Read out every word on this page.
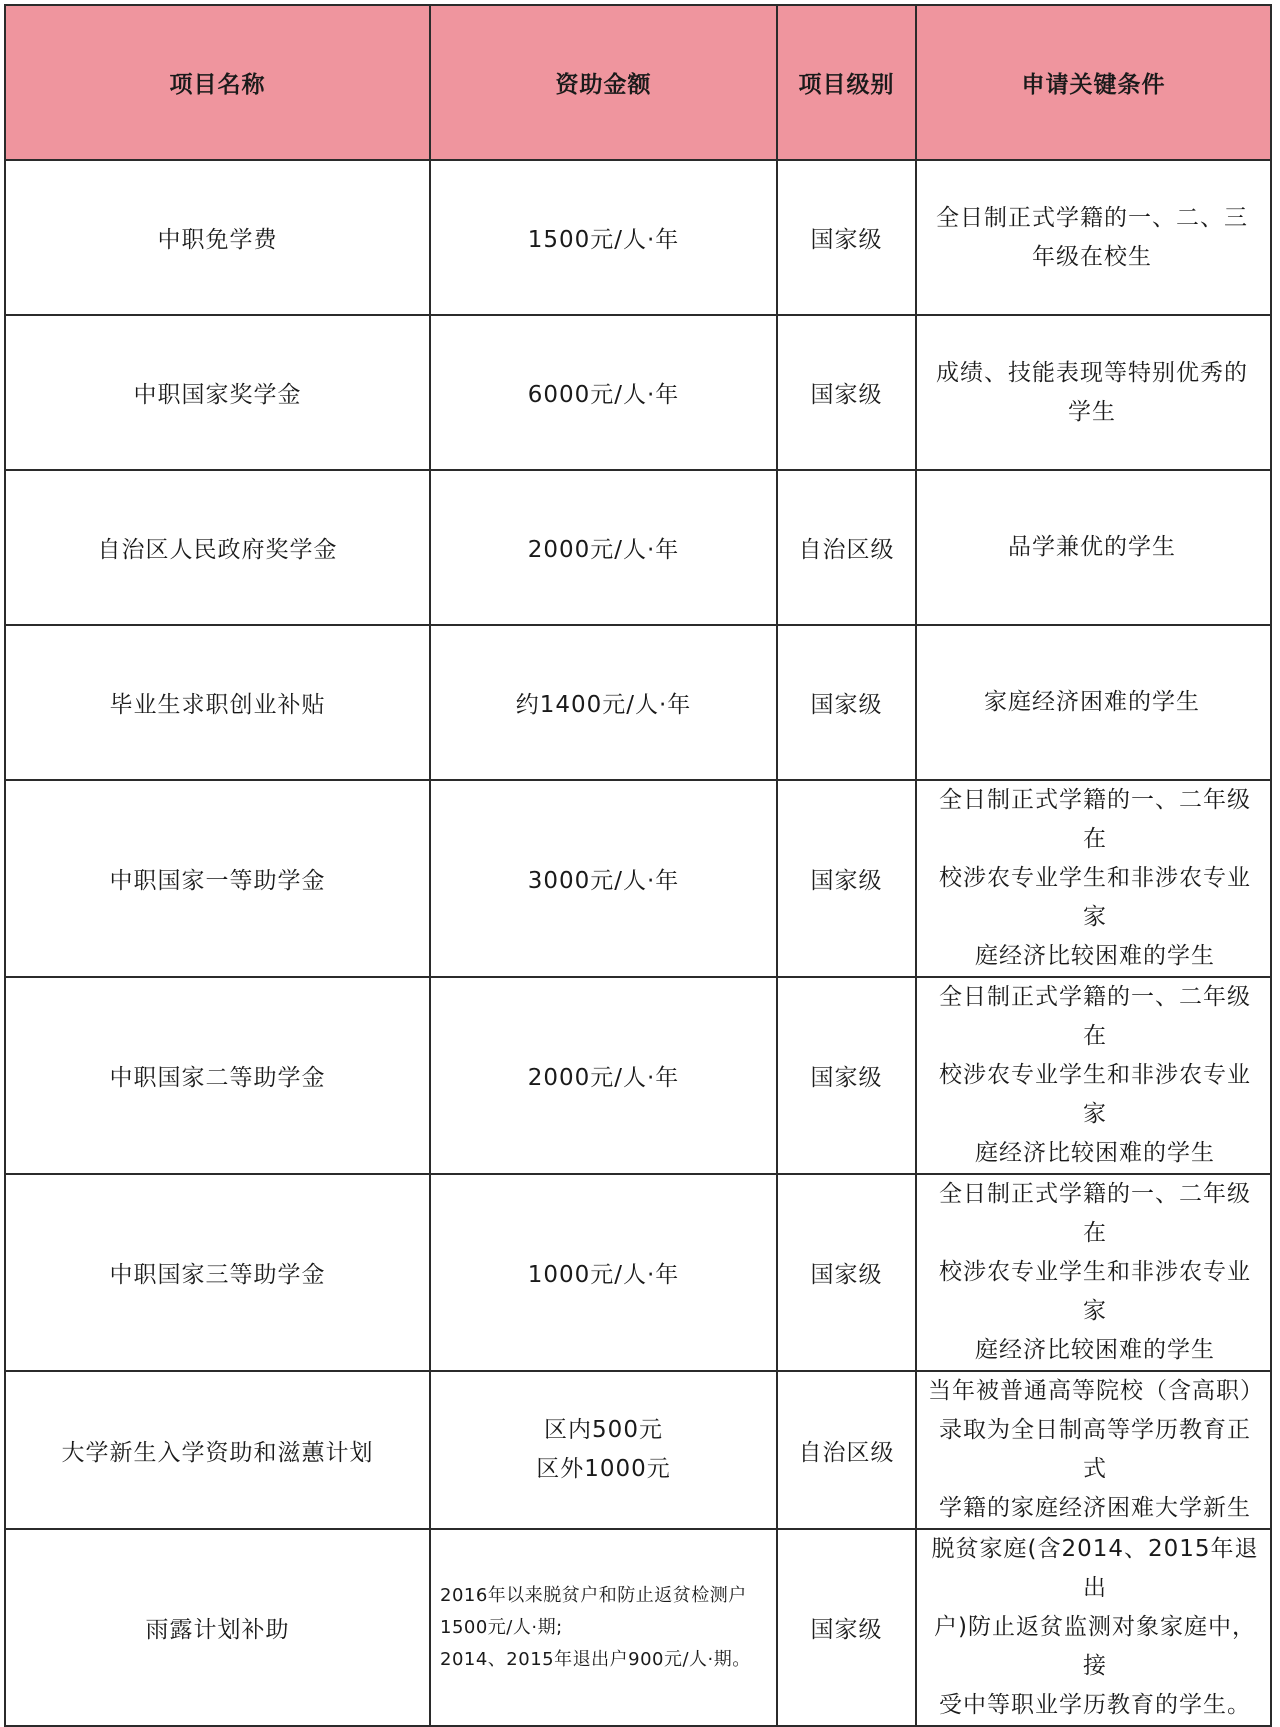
项目名称	资助金额	项目级别	申请关键条件
中职免学费	1500元/人·年	国家级	全日制正式学籍的一、二、三
年级在校生

中职国家奖学金	6000元/人·年	国家级	成绩、技能表现等特别优秀的
学生

自治区人民政府奖学金	2000元/人·年	自治区级	品学兼优的学生

毕业生求职创业补贴	约1400元/人·年	国家级	家庭经济困难的学生

中职国家一等助学金	3000元/人·年	国家级	全日制正式学籍的一、二年级在
校涉农专业学生和非涉农专业家
庭经济比较困难的学生

中职国家二等助学金	2000元/人·年	国家级	全日制正式学籍的一、二年级在
校涉农专业学生和非涉农专业家
庭经济比较困难的学生

中职国家三等助学金	1000元/人·年	国家级	全日制正式学籍的一、二年级在
校涉农专业学生和非涉农专业家
庭经济比较困难的学生

大学新生入学资助和滋蕙计划	区内500元
区外1000元	自治区级	当年被普通高等院校（含高职）
录取为全日制高等学历教育正式
学籍的家庭经济困难大学新生

雨露计划补助	2016年以来脱贫户和防止返贫检测户
1500元/人·期;
2014、2015年退出户900元/人·期。	国家级	脱贫家庭(含2014、2015年退出
户)防止返贫监测对象家庭中，接
受中等职业学历教育的学生。
